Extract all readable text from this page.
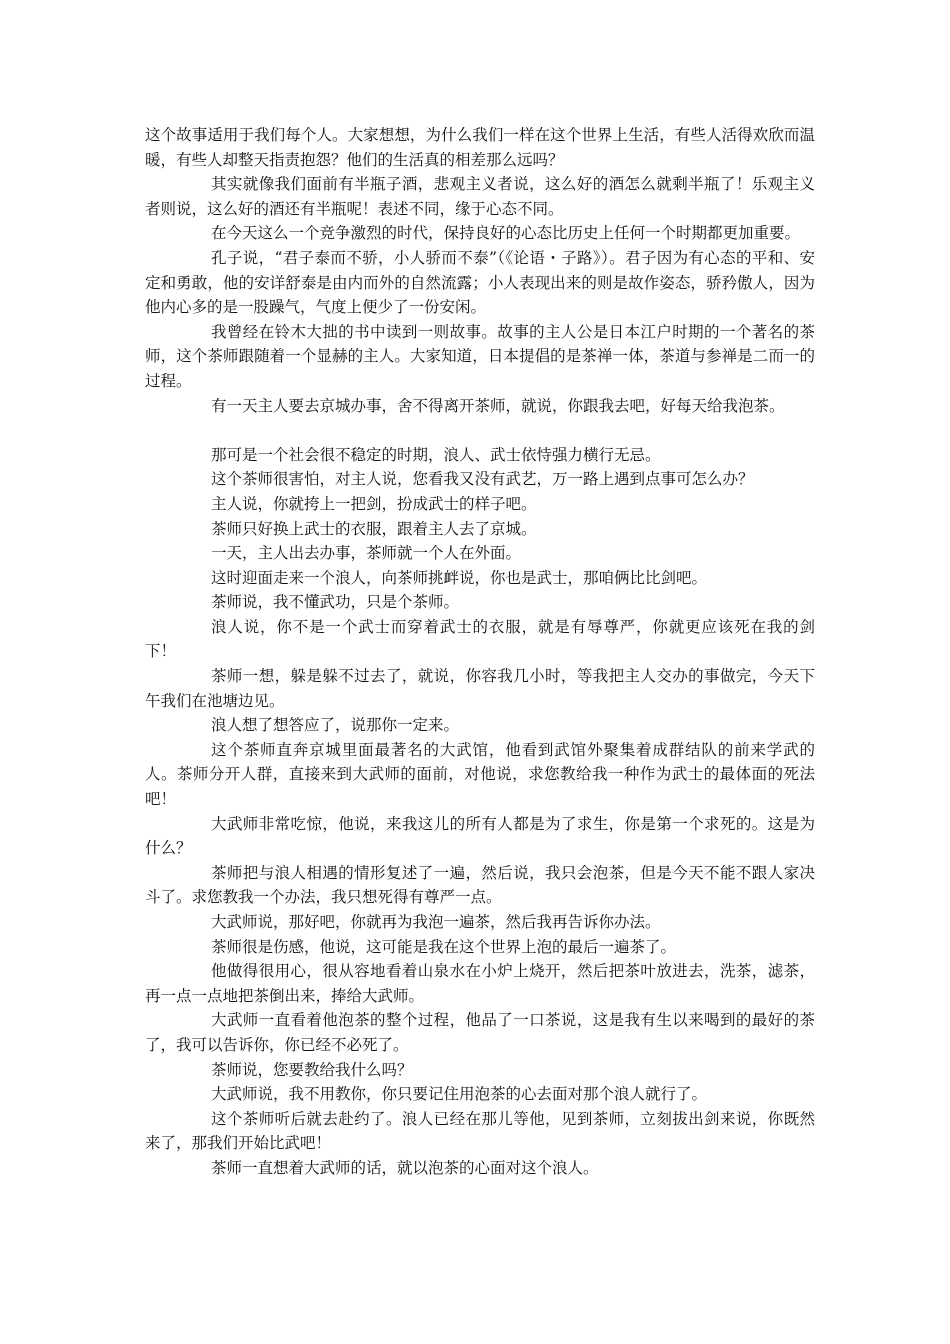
这个故事适用于我们每个人。大家想想，为什么我们一样在这个世界上生活，有些人活得欢欣而温暖，有些人却整天指责抱怨？他们的生活真的相差那么远吗？

其实就像我们面前有半瓶子酒，悲观主义者说，这么好的酒怎么就剩半瓶了！乐观主义者则说，这么好的酒还有半瓶呢！表述不同，缘于心态不同。

在今天这么一个竞争激烈的时代，保持良好的心态比历史上任何一个时期都更加重要。

孔子说，“君子泰而不骄，小人骄而不泰”（《论语・子路》）。君子因为有心态的平和、安定和勇敢，他的安详舒泰是由内而外的自然流露；小人表现出来的则是故作姿态，骄矜傲人，因为他内心多的是一股躁气，气度上便少了一份安闲。

我曾经在铃木大拙的书中读到一则故事。故事的主人公是日本江户时期的一个著名的茶师，这个茶师跟随着一个显赫的主人。大家知道，日本提倡的是茶禅一体，茶道与参禅是二而一的过程。

有一天主人要去京城办事，舍不得离开茶师，就说，你跟我去吧，好每天给我泡茶。

那可是一个社会很不稳定的时期，浪人、武士依恃强力横行无忌。

这个茶师很害怕，对主人说，您看我又没有武艺，万一路上遇到点事可怎么办？

主人说，你就挎上一把剑，扮成武士的样子吧。

茶师只好换上武士的衣服，跟着主人去了京城。

一天，主人出去办事，茶师就一个人在外面。

这时迎面走来一个浪人，向茶师挑衅说，你也是武士，那咱俩比比剑吧。

茶师说，我不懂武功，只是个茶师。

浪人说，你不是一个武士而穿着武士的衣服，就是有辱尊严，你就更应该死在我的剑下！

茶师一想，躲是躲不过去了，就说，你容我几小时，等我把主人交办的事做完，今天下午我们在池塘边见。

浪人想了想答应了，说那你一定来。

这个茶师直奔京城里面最著名的大武馆，他看到武馆外聚集着成群结队的前来学武的人。茶师分开人群，直接来到大武师的面前，对他说，求您教给我一种作为武士的最体面的死法吧！

大武师非常吃惊，他说，来我这儿的所有人都是为了求生，你是第一个求死的。这是为什么？

茶师把与浪人相遇的情形复述了一遍，然后说，我只会泡茶，但是今天不能不跟人家决斗了。求您教我一个办法，我只想死得有尊严一点。

大武师说，那好吧，你就再为我泡一遍茶，然后我再告诉你办法。

茶师很是伤感，他说，这可能是我在这个世界上泡的最后一遍茶了。

他做得很用心，很从容地看着山泉水在小炉上烧开，然后把茶叶放进去，洗茶，滤茶，再一点一点地把茶倒出来，捧给大武师。

大武师一直看着他泡茶的整个过程，他品了一口茶说，这是我有生以来喝到的最好的茶了，我可以告诉你，你已经不必死了。

茶师说，您要教给我什么吗？

大武师说，我不用教你，你只要记住用泡茶的心去面对那个浪人就行了。

这个茶师听后就去赴约了。浪人已经在那儿等他，见到茶师，立刻拔出剑来说，你既然来了，那我们开始比武吧！

茶师一直想着大武师的话，就以泡茶的心面对这个浪人。
